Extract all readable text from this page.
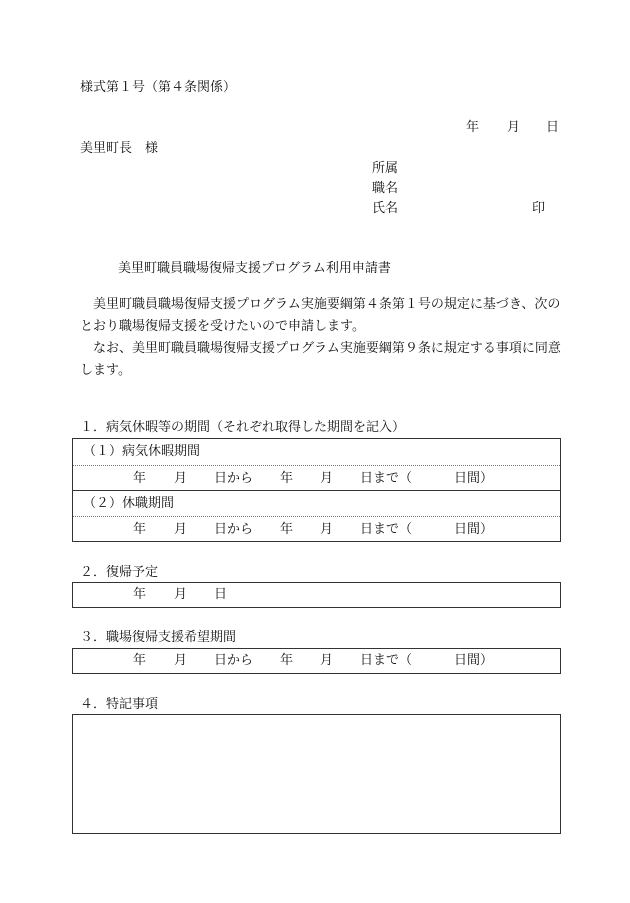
様式第１号（第４条関係）
年 月 日
美里町長　様
所属
職名
氏名	印
美里町職員職場復帰支援プログラム利用申請書
美里町職員職場復帰支援プログラム実施要綱第４条第１号の規定に基づき、次の
とおり職場復帰支援を受けたいので申請します。
なお、美里町職員職場復帰支援プログラム実施要綱第９条に規定する事項に同意
します。
１．病気休暇等の期間（それぞれ取得した期間を記入）
（１）病気休暇期間
年 月 日から 年 月 日まで（	日間）
（２）休職期間
年 月 日から 年 月 日まで（	日間）
２．復帰予定
年 月 日
３．職場復帰支援希望期間
年 月 日から 年 月 日まで（	日間）
４．特記事項
